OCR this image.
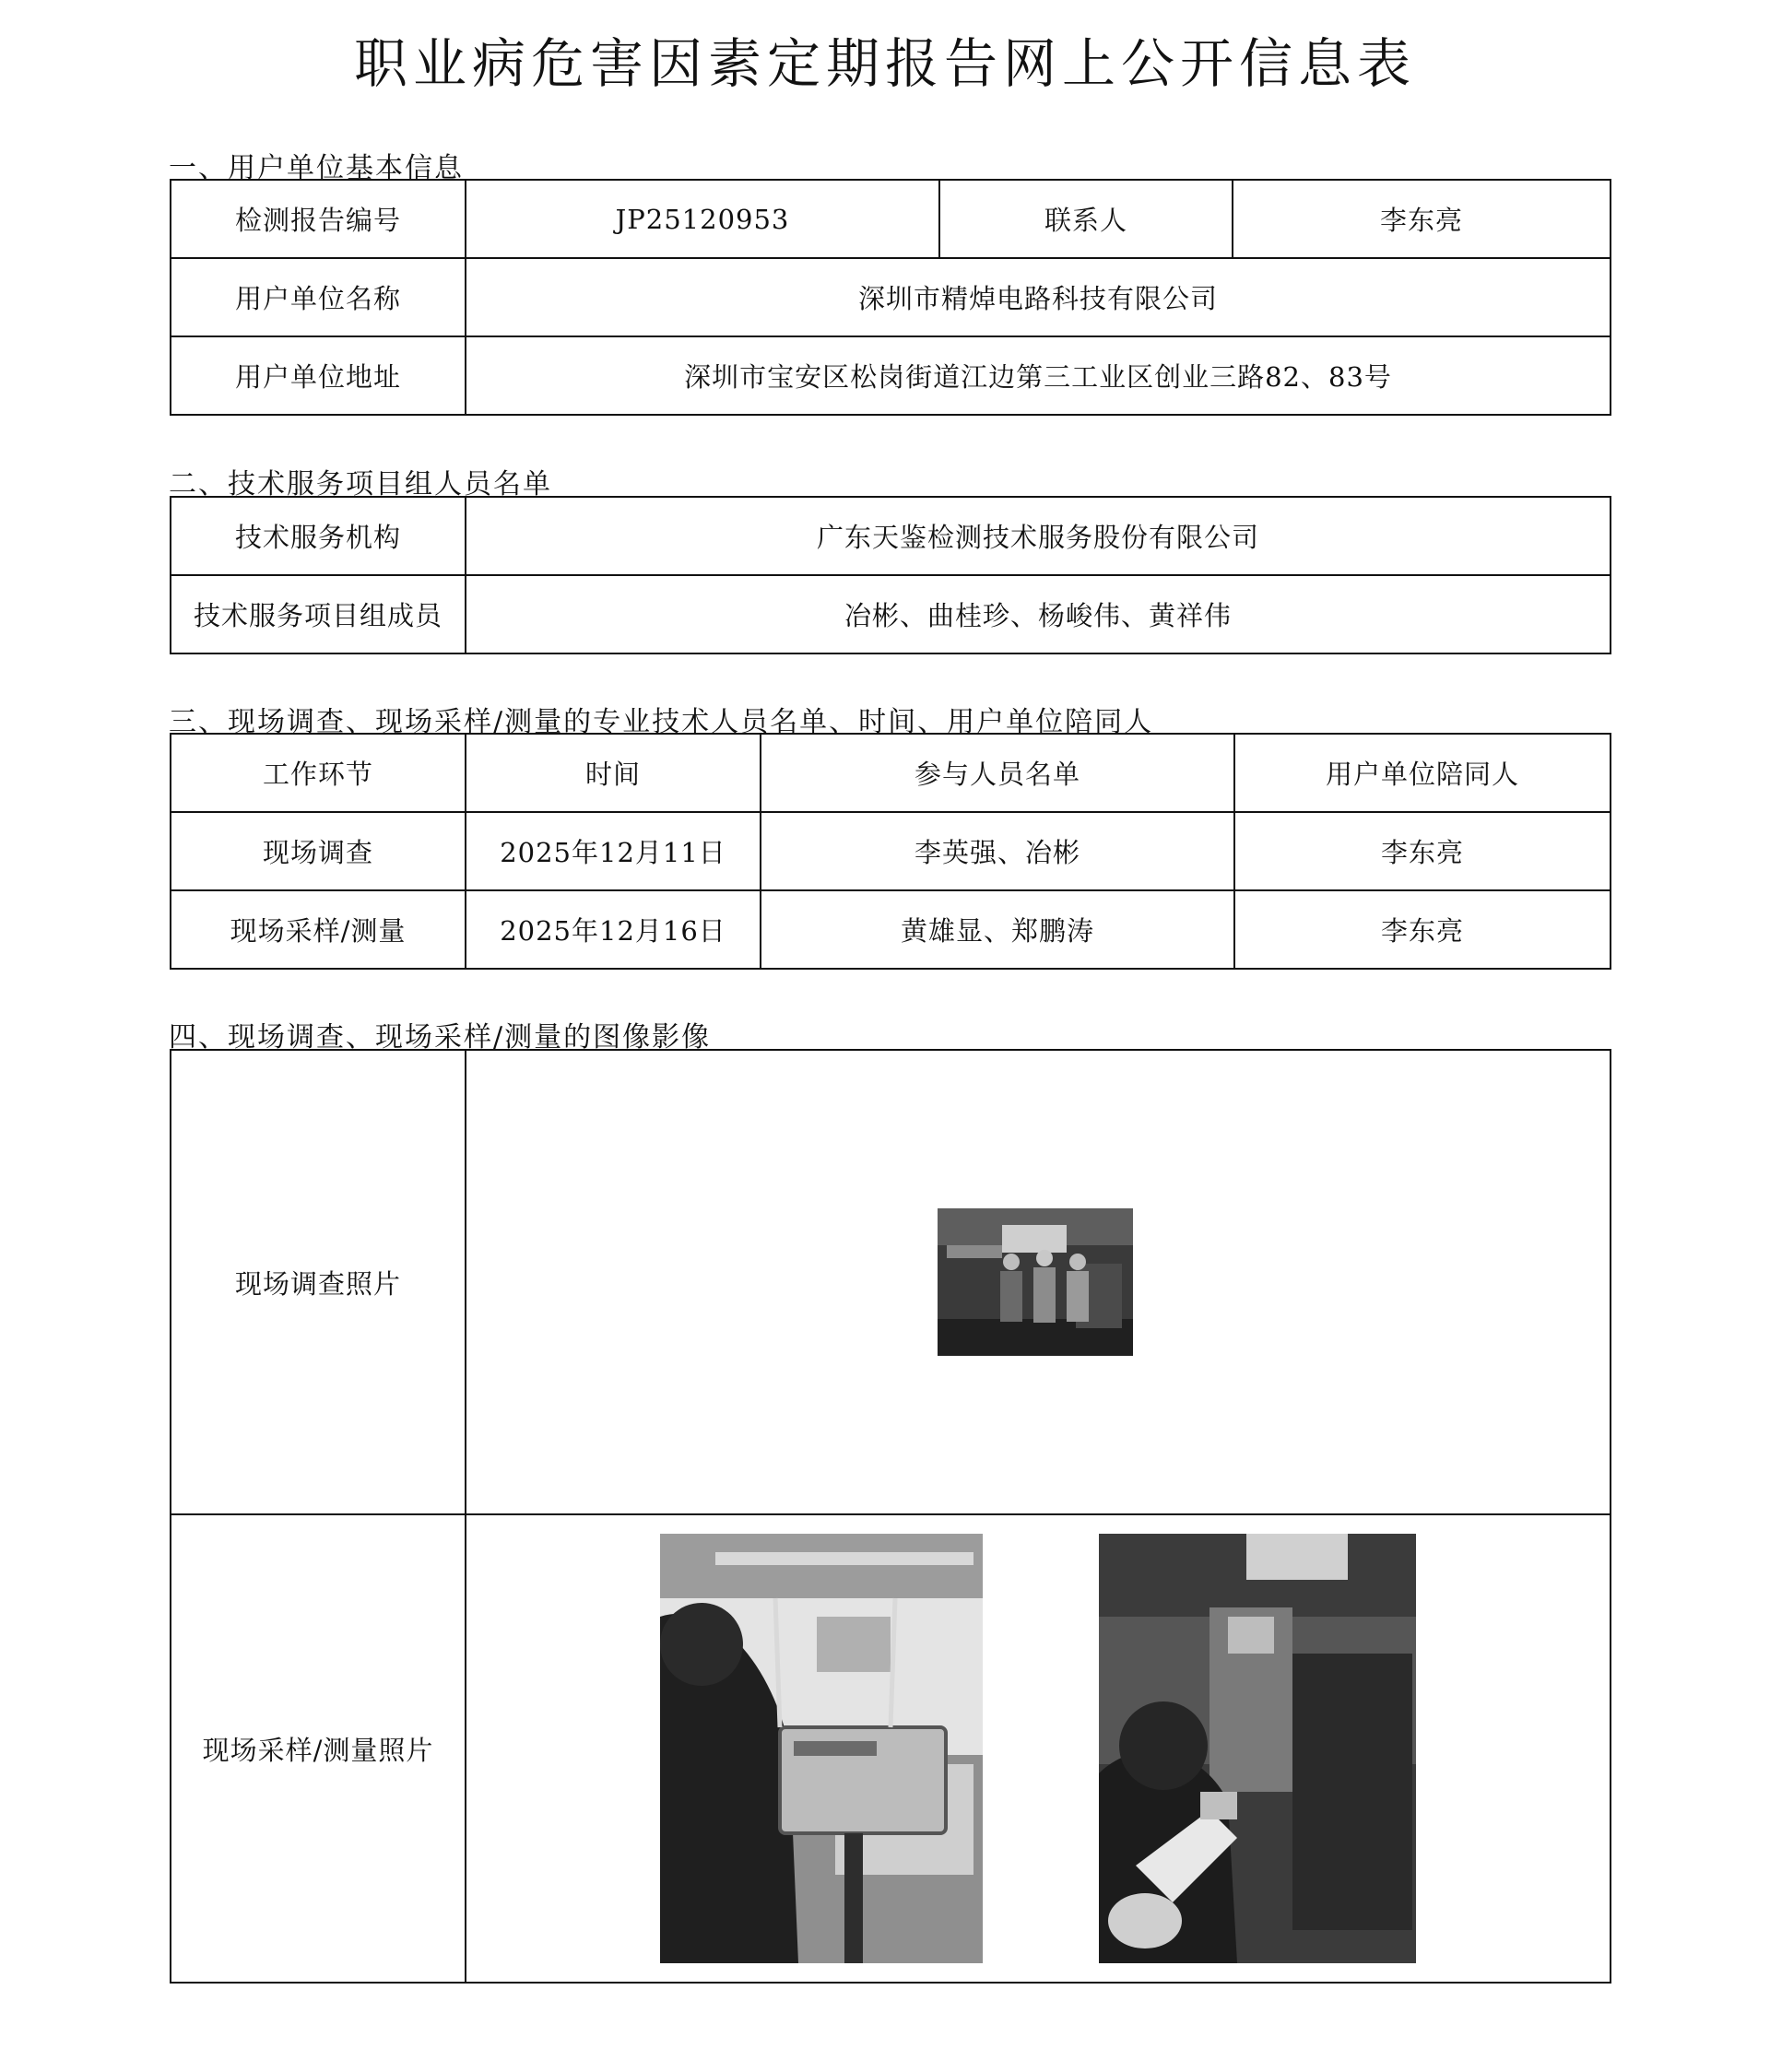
职业病危害因素定期报告网上公开信息表
一、用户单位基本信息
检测报告编号	JP25120953	联系人	李东亮
用户单位名称	深圳市精焯电路科技有限公司		
用户单位地址	深圳市宝安区松岗街道江边第三工业区创业三路82、83号		
二、技术服务项目组人员名单
技术服务机构	广东天鉴检测技术服务股份有限公司
技术服务项目组成员	冶彬、曲桂珍、杨峻伟、黄祥伟
三、现场调查、现场采样/测量的专业技术人员名单、时间、用户单位陪同人
工作环节	时间	参与人员名单	用户单位陪同人
现场调查	2025年12月11日	李英强、冶彬	李东亮
现场采样/测量	2025年12月16日	黄雄显、郑鹏涛	李东亮
四、现场调查、现场采样/测量的图像影像
现场调查照片	
现场采样/测量照片	
